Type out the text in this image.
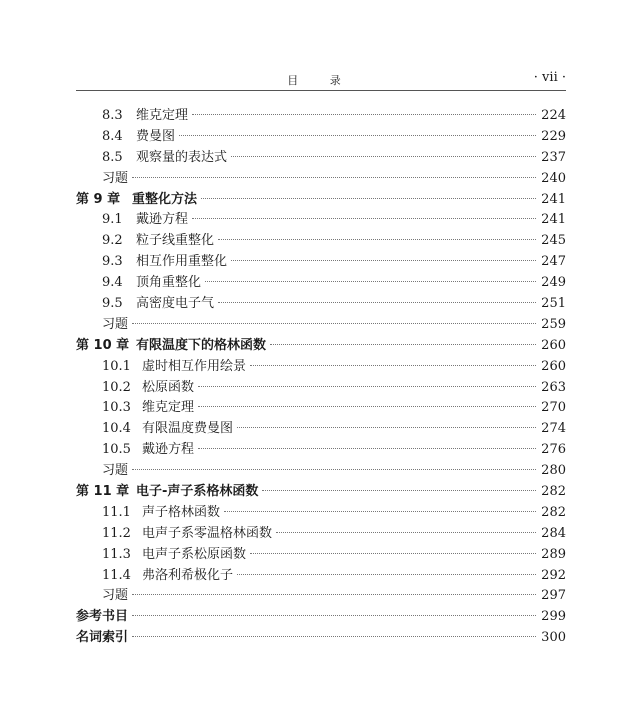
目 录	· vii ·
8.3	维克定理	224
8.4	费曼图	229
8.5	观察量的表达式	237
习题	240
第 9 章 重整化方法	241
9.1	戴逊方程	241
9.2	粒子线重整化	245
9.3	相互作用重整化	247
9.4	顶角重整化	249
9.5	高密度电子气	251
习题	259
第 10 章 有限温度下的格林函数	260
10.1 虚时相互作用绘景	260
10.2 松原函数	263
10.3 维克定理	270
10.4 有限温度费曼图	274
10.5 戴逊方程	276
习题	280
第 11 章 电子-声子系格林函数	282
11.1 声子格林函数	282
11.2 电声子系零温格林函数	284
11.3 电声子系松原函数	289
11.4 弗洛利希极化子	292
习题	297
参考书目	299
名词索引	300
